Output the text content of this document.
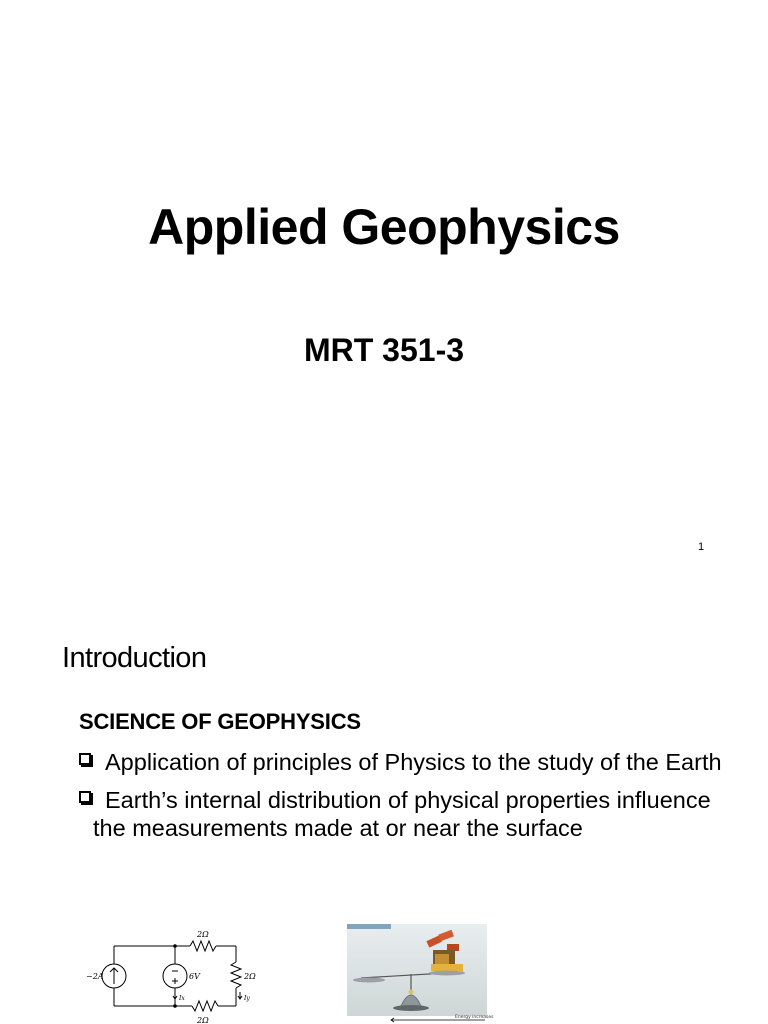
Applied Geophysics
MRT 351-3
1
Introduction
SCIENCE OF GEOPHYSICS
Application of principles of Physics to the study of the Earth
Earth’s internal distribution of physical properties influence the measurements made at or near the surface
−2A	6V
2Ω
2Ω
2Ω
Ix	Iy
Energy increases
